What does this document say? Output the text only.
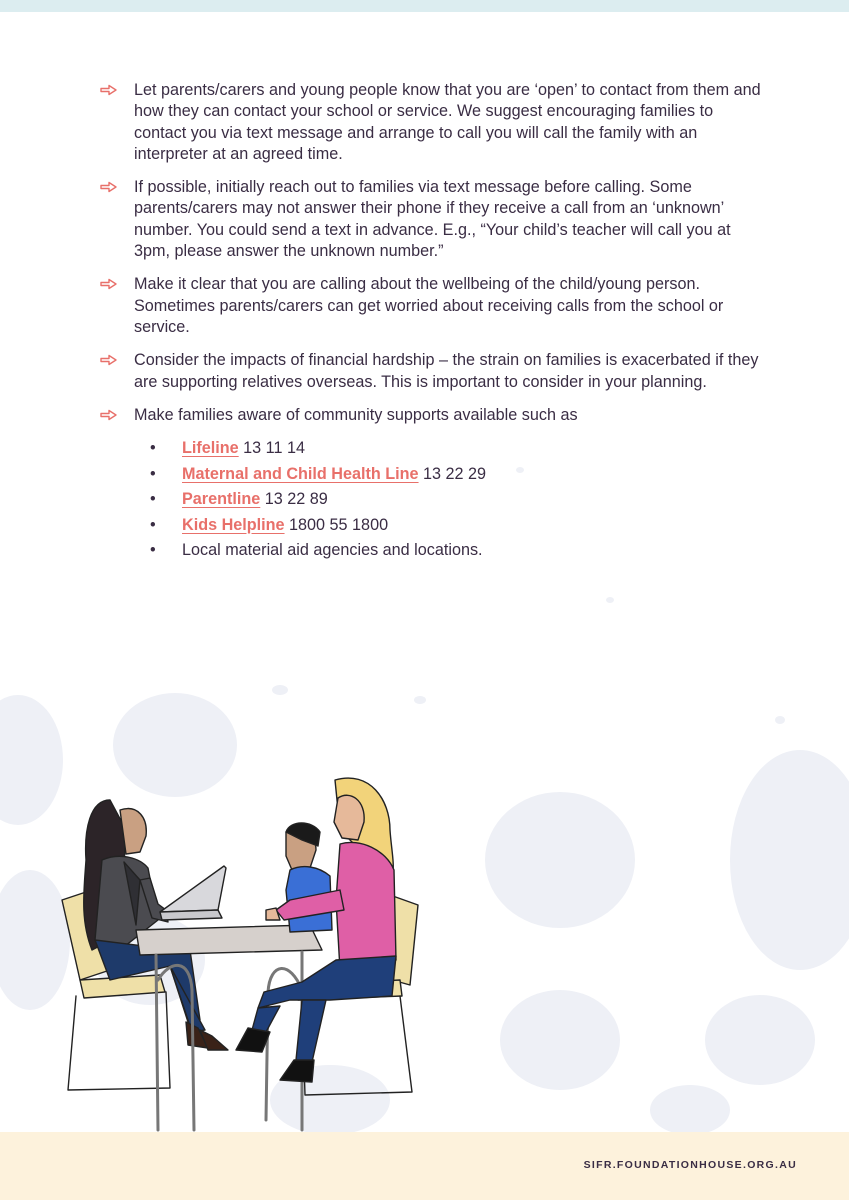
Let parents/carers and young people know that you are ‘open’ to contact from them and how they can contact your school or service. We suggest encouraging families to contact you via text message and arrange to call you will call the family with an interpreter at an agreed time.
If possible, initially reach out to families via text message before calling. Some parents/carers may not answer their phone if they receive a call from an ‘unknown’ number. You could send a text in advance. E.g., “Your child’s teacher will call you at 3pm, please answer the unknown number.”
Make it clear that you are calling about the wellbeing of the child/young person. Sometimes parents/carers can get worried about receiving calls from the school or service.
Consider the impacts of financial hardship – the strain on families is exacerbated if they are supporting relatives overseas. This is important to consider in your planning.
Make families aware of community supports available such as
• Lifeline 13 11 14
• Maternal and Child Health Line 13 22 29
• Parentline 13 22 89
• Kids Helpline 1800 55 1800
• Local material aid agencies and locations.
SIFR.FOUNDATIONHOUSE.ORG.AU
